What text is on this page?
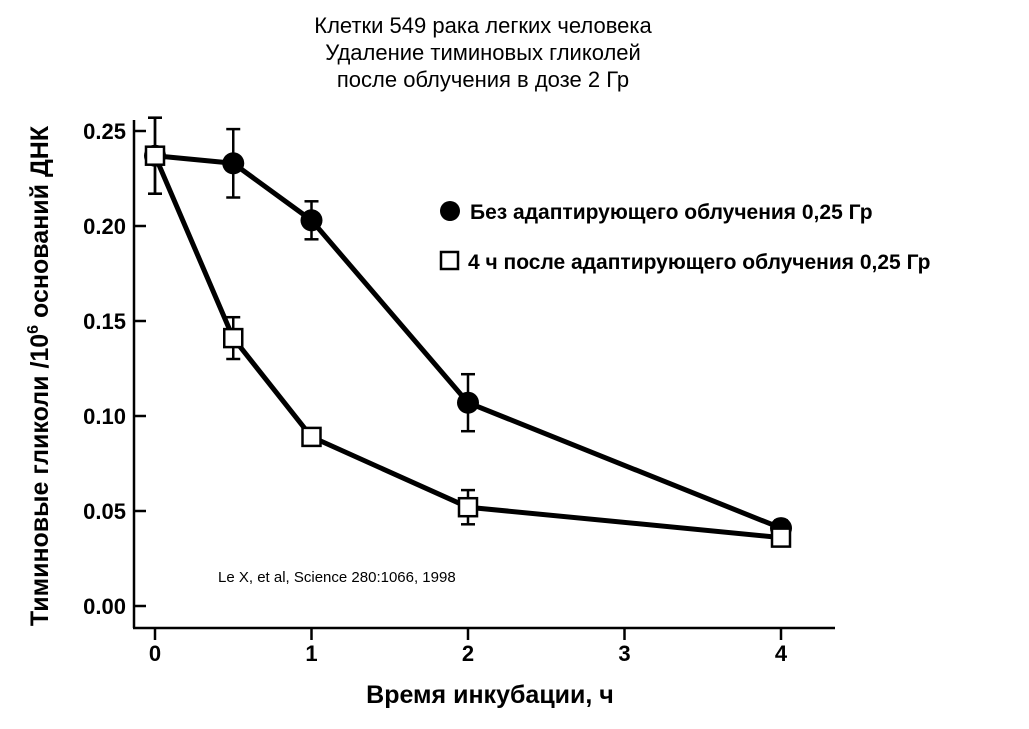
Клетки 549 рака легких человека
Удаление тиминовых гликолей
после облучения в дозе 2 Гр
0.00
0.05
0.10
0.15
0.20
0.25
0	1	2	3	4
Тиминовые гликоли $/10^6$ оснований ДНК
Время инкубации, ч
Le X, et al, Science 280:1066, 1998
Без адаптирующего облучения 0,25 Гр
4 ч после адаптирующего облучения 0,25 Гр
